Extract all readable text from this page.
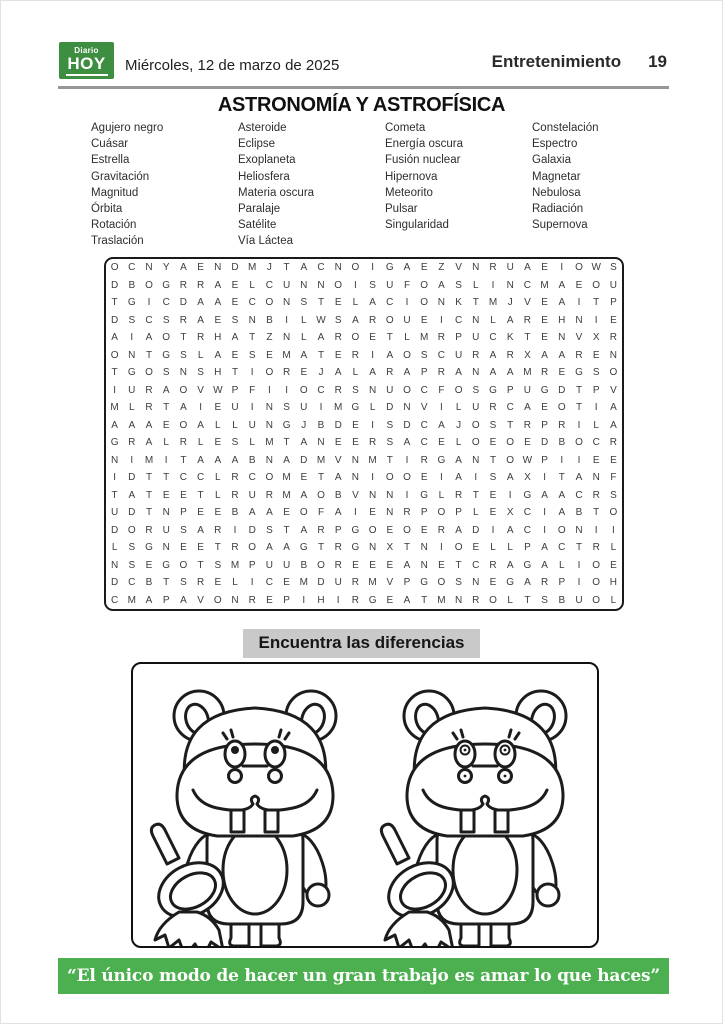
Diario
HOY Miércoles, 12 de marzo de 2025	Entretenimiento 19
ASTRONOMÍA Y ASTROFÍSICA
Agujero negro
Cuásar
Estrella
Gravitación
Magnitud
Órbita
Rotación
Traslación
Asteroide
Eclipse
Exoplaneta
Heliosfera
Materia oscura
Paralaje
Satélite
Vía Láctea
Cometa
Energía oscura
Fusión nuclear
Hipernova
Meteorito
Pulsar
Singularidad
Constelación
Espectro
Galaxia
Magnetar
Nebulosa
Radiación
Supernova
O C N	Y	A	E	N D M	J	T	A	C N O	I	G A	E	Z	V	N R U	A	E	I	O W S
D	B O G R R	A	E	L	C U N N O	I	S	U	F	O A	S	L	I	N C M A	E O U
T	G	I	C D	A	A	E	C O N	S	T	E	L	A	C	I	O N	K	T M	J	V	E	A	I	T	P
D	S	C	S	R	A	E	S	N	B	I	L W S	A	R O U	E	I	C N	L	A	R	E	H N	I	E
A	I	A O	T	R H	A	T	Z	N	L	A	R O E	T	L	M R	P	U C	K	T	E	N	V	X	R
O N	T	G S	L	A	E	S	E M A	T	E	R	I	A O S	C U R	A	R	X	A	A	R	E	N
T	G O S	N	S	H	T	I	O R	E	J	A	L	A	R	A	P	R	A	N	A	A M R	E G S O
I	U R	A O V W P	F	I	I	O C R	S	N U O C	F	O S G P	U G D	T	P	V
M	L	R	T	A	I	E	U	I	N	S	U	I	M G	L	D N	V	I	L	U R C	A	E O	T	I	A
A	A	A	E O A	L	L	U N G	J	B	D	E	I	S	D C	A	J	O S	T	R	P	R	I	L	A
G R	A	L	R	L	E	S	L	M T	A	N	E	E	R	S	A	C	E	L	O E O E	D	B O C R
N	I	M	I	T	A	A	A	B	N	A	D M V	N M T	I	R G A	N	T	O W P	I	I	E	E
I	D	T	T	C C	L	R C O M E	T	A	N	I	O O E	I	A	I	S	A	X	I	T	A	N	F
T	A	T	E	E	T	L	R U R M A O B	V	N N	I	G	L	R	T	E	I	G A	A	C R	S
U D	T	N	P	E	E	B	A	A	E O	F	A	I	E	N R	P O P	L	E	X	C	I	A	B	T	O
D O R U	S	A	R	I	D	S	T	A	R	P G O E O E	R	A	D	I	A	C	I	O N	I	I
L	S G N	E	E	T	R O A	A G	T	R G N	X	T	N	I	O E	L	L	P	A	C	T	R	L
N	S	E G O	T	S M P	U U	B O R	E	E	E	A	N	E	T	C R	A G A	L	I	O E
D C	B	T	S	R	E	L	I	C	E M D U R M V	P G O S	N	E G A	R	P	I	O H
C M A	P	A	V O N R	E	P	I	H	I	R G E	A	T M N R O	L	T	S	B	U O	L
Encuentra las diferencias
“El único modo de hacer un gran trabajo es amar lo que haces”
